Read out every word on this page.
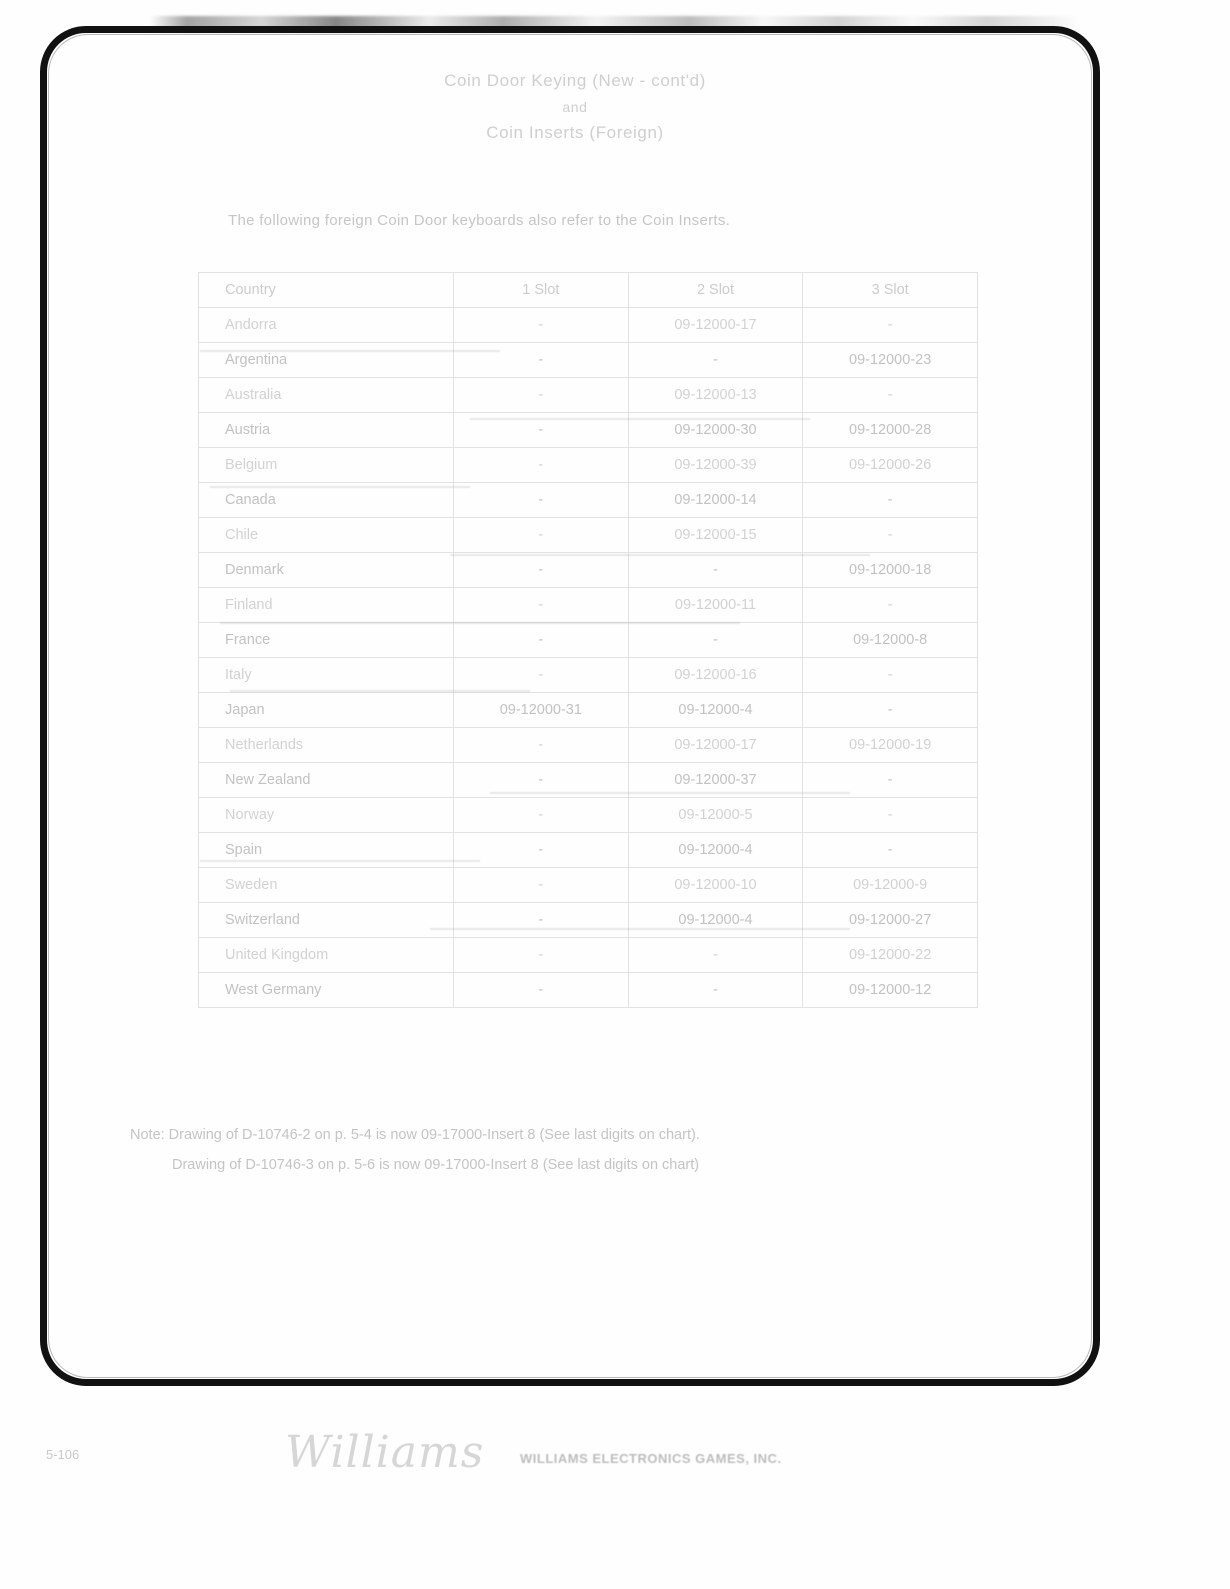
Coin Door Keying (New - cont'd)
and
Coin Inserts (Foreign)
The following foreign Coin Door keyboards also refer to the Coin Inserts.
Country	1 Slot	2 Slot	3 Slot
Andorra	-	09-12000-17	-
Argentina	-	-	09-12000-23
Australia	-	09-12000-13	-
Austria	-	09-12000-30	09-12000-28
Belgium	-	09-12000-39	09-12000-26
Canada	-	09-12000-14	-
Chile	-	09-12000-15	-
Denmark	-	-	09-12000-18
Finland	-	09-12000-11	-
France	-	-	09-12000-8
Italy	-	09-12000-16	-
Japan	09-12000-31	09-12000-4	-
Netherlands	-	09-12000-17	09-12000-19
New Zealand	-	09-12000-37	-
Norway	-	09-12000-5	-
Spain	-	09-12000-4	-
Sweden	-	09-12000-10	09-12000-9
Switzerland	-	09-12000-4	09-12000-27
United Kingdom	-	-	09-12000-22
West Germany	-	-	09-12000-12
Note: Drawing of D-10746-2 on p. 5-4 is now 09-17000-Insert 8 (See last digits on chart).
Drawing of D-10746-3 on p. 5-6 is now 09-17000-Insert 8 (See last digits on chart)
5-106	Williams	WILLIAMS ELECTRONICS GAMES, INC.
